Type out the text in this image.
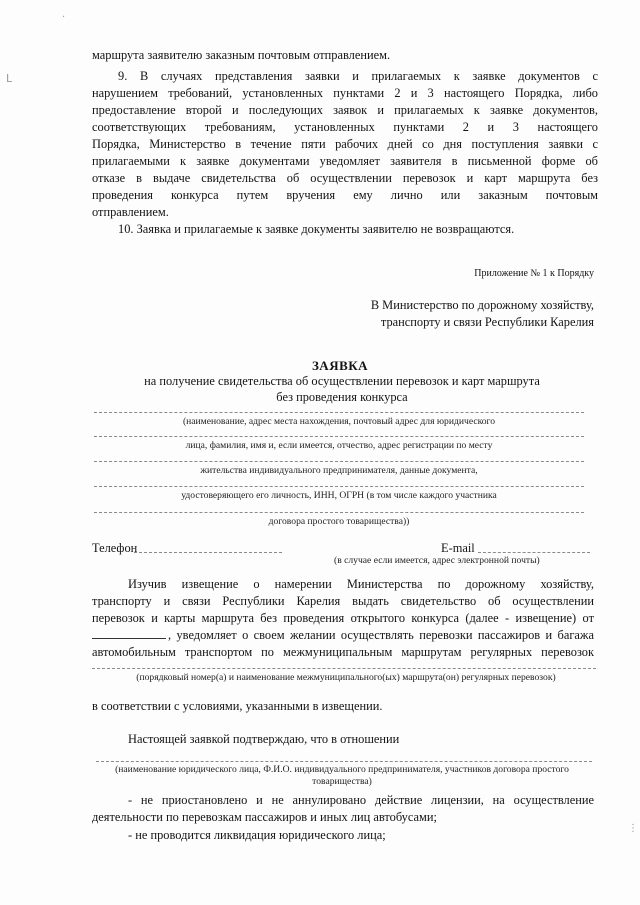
·
ᒪ
⋮
маршрута заявителю заказным почтовым отправлением.
9. В случаях представления заявки и прилагаемых к заявке документов с
нарушением требований, установленных пунктами 2 и 3 настоящего Порядка, либо
предоставление второй и последующих заявок и прилагаемых к заявке документов,
соответствующих требованиям, установленных пунктами 2 и 3 настоящего
Порядка, Министерство в течение пяти рабочих дней со дня поступления заявки с
прилагаемыми к заявке документами уведомляет заявителя в письменной форме об
отказе в выдаче свидетельства об осуществлении перевозок и карт маршрута без
проведения конкурса путем вручения ему лично или заказным почтовым
отправлением.
10. Заявка и прилагаемые к заявке документы заявителю не возвращаются.
Приложение № 1 к Порядку
В Министерство по дорожному хозяйству,
транспорту и связи Республики Карелия
ЗАЯВКА
на получение свидетельства об осуществлении перевозок и карт маршрута
без проведения конкурса
(наименование, адрес места нахождения, почтовый адрес для юридического
лица, фамилия, имя и, если имеется, отчество, адрес регистрации по месту
жительства индивидуального предпринимателя, данные документа,
удостоверяющего его личность, ИНН, ОГРН (в том числе каждого участника
договора простого товарищества))
Телефон	E-mail
(в случае если имеется, адрес электронной почты)
Изучив извещение о намерении Министерства по дорожному хозяйству,
транспорту и связи Республики Карелия выдать свидетельство об осуществлении
перевозок и карты маршрута без проведения открытого конкурса (далее - извещение) от
, уведомляет о своем желании осуществлять перевозки пассажиров и багажа
автомобильным транспортом по межмуниципальным маршрутам регулярных перевозок
(порядковый номер(а) и наименование межмуниципального(ых) маршрута(он) регулярных перевозок)
в соответствии с условиями, указанными в извещении.
Настоящей заявкой подтверждаю, что в отношении
(наименование юридического лица, Ф.И.О. индивидуального предпринимателя, участников договора простого
товарищества)
- не приостановлено и не аннулировано действие лицензии, на осуществление
деятельности по перевозкам пассажиров и иных лиц автобусами;
- не проводится ликвидация юридического лица;
